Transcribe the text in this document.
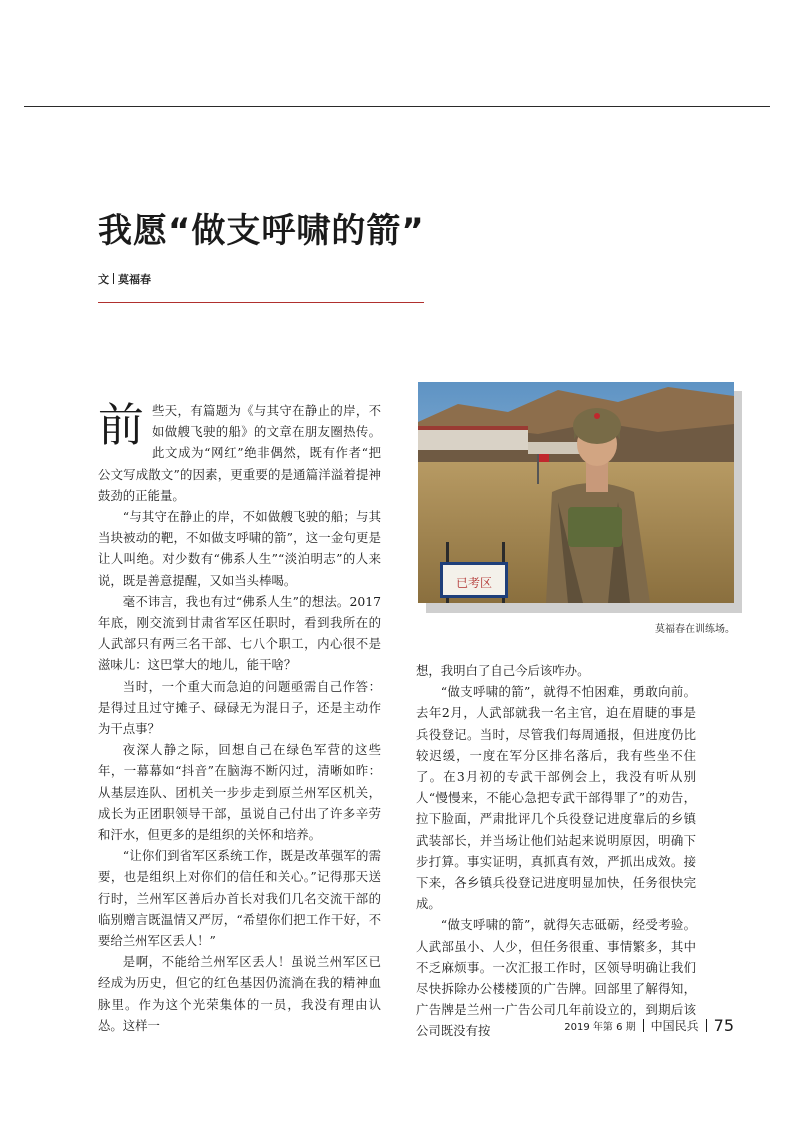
我愿“做支呼啸的箭”
文 莫福春

前些天，有篇题为《与其守在静止的岸，不如做艘飞驶的船》的文章在朋友圈热传。此文成为“网红”绝非偶然，既有作者“把公文写成散文”的因素，更重要的是通篇洋溢着提神鼓劲的正能量。

“与其守在静止的岸，不如做艘飞驶的船；与其当块被动的靶，不如做支呼啸的箭”，这一金句更是让人叫绝。对少数有“佛系人生”“淡泊明志”的人来说，既是善意提醒，又如当头棒喝。

毫不讳言，我也有过“佛系人生”的想法。2017年底，刚交流到甘肃省军区任职时，看到我所在的人武部只有两三名干部、七八个职工，内心很不是滋味儿：这巴掌大的地儿，能干啥？

当时，一个重大而急迫的问题亟需自己作答：是得过且过守摊子、碌碌无为混日子，还是主动作为干点事？

夜深人静之际，回想自己在绿色军营的这些年，一幕幕如“抖音”在脑海不断闪过，清晰如昨：从基层连队、团机关一步步走到原兰州军区机关，成长为正团职领导干部，虽说自己付出了许多辛劳和汗水，但更多的是组织的关怀和培养。

“让你们到省军区系统工作，既是改革强军的需要，也是组织上对你们的信任和关心。”记得那天送行时，兰州军区善后办首长对我们几名交流干部的临别赠言既温情又严厉，“希望你们把工作干好，不要给兰州军区丢人！”

是啊，不能给兰州军区丢人！虽说兰州军区已经成为历史，但它的红色基因仍流淌在我的精神血脉里。作为这个光荣集体的一员，我没有理由认怂。这样一

已考区
莫福春在训练场。

想，我明白了自己今后该咋办。

“做支呼啸的箭”，就得不怕困难，勇敢向前。去年2月，人武部就我一名主官，迫在眉睫的事是兵役登记。当时，尽管我们每周通报，但进度仍比较迟缓，一度在军分区排名落后，我有些坐不住了。在3月初的专武干部例会上，我没有听从别人“慢慢来，不能心急把专武干部得罪了”的劝告，拉下脸面，严肃批评几个兵役登记进度靠后的乡镇武装部长，并当场让他们站起来说明原因，明确下步打算。事实证明，真抓真有效，严抓出成效。接下来，各乡镇兵役登记进度明显加快，任务很快完成。

“做支呼啸的箭”，就得矢志砥砺，经受考验。人武部虽小、人少，但任务很重、事情繁多，其中不乏麻烦事。一次汇报工作时，区领导明确让我们尽快拆除办公楼楼顶的广告牌。回部里了解得知，广告牌是兰州一广告公司几年前设立的，到期后该公司既没有按	2019 年第 6 期 中国民兵 75
